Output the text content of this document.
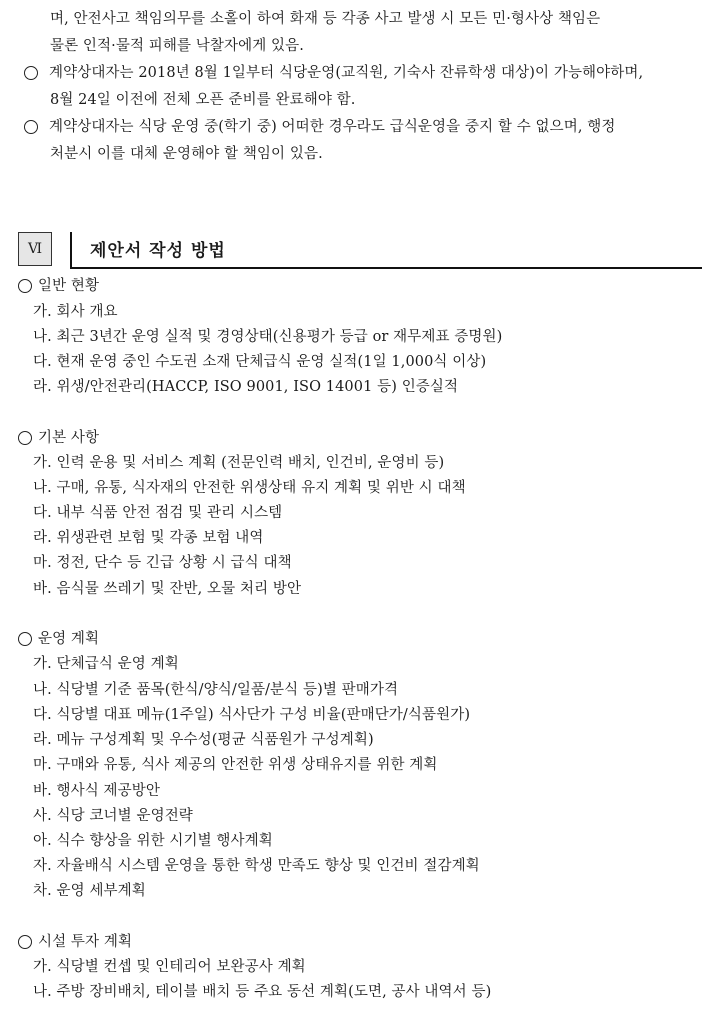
며, 안전사고 책임의무를 소홀이 하여 화재 등 각종 사고 발생 시 모든 민·형사상 책임은
물론 인적·물적 피해를 낙찰자에게 있음.
계약상대자는 2018년 8월 1일부터 식당운영(교직원, 기숙사 잔류학생 대상)이 가능해야하며,
8월 24일 이전에 전체 오픈 준비를 완료해야 함.
계약상대자는 식당 운영 중(학기 중) 어떠한 경우라도 급식운영을 중지 할 수 없으며, 행정
처분시 이를 대체 운영해야 할 책임이 있음.
Ⅵ	제안서 작성 방법
일반 현황
가. 회사 개요
나. 최근 3년간 운영 실적 및 경영상태(신용평가 등급 or 재무제표 증명원)
다. 현재 운영 중인 수도권 소재 단체급식 운영 실적(1일 1,000식 이상)
라. 위생/안전관리(HACCP, ISO 9001, ISO 14001 등) 인증실적
기본 사항
가. 인력 운용 및 서비스 계획 (전문인력 배치, 인건비, 운영비 등)
나. 구매, 유통, 식자재의 안전한 위생상태 유지 계획 및 위반 시 대책
다. 내부 식품 안전 점검 및 관리 시스템
라. 위생관련 보험 및 각종 보험 내역
마. 정전, 단수 등 긴급 상황 시 급식 대책
바. 음식물 쓰레기 및 잔반, 오물 처리 방안
운영 계획
가. 단체급식 운영 계획
나. 식당별 기준 품목(한식/양식/일품/분식 등)별 판매가격
다. 식당별 대표 메뉴(1주일) 식사단가 구성 비율(판매단가/식품원가)
라. 메뉴 구성계획 및 우수성(평균 식품원가 구성계획)
마. 구매와 유통, 식사 제공의 안전한 위생 상태유지를 위한 계획
바. 행사식 제공방안
사. 식당 코너별 운영전략
아. 식수 향상을 위한 시기별 행사계획
자. 자율배식 시스템 운영을 통한 학생 만족도 향상 및 인건비 절감계획
차. 운영 세부계획
시설 투자 계획
가. 식당별 컨셉 및 인테리어 보완공사 계획
나. 주방 장비배치, 테이블 배치 등 주요 동선 계획(도면, 공사 내역서 등)
